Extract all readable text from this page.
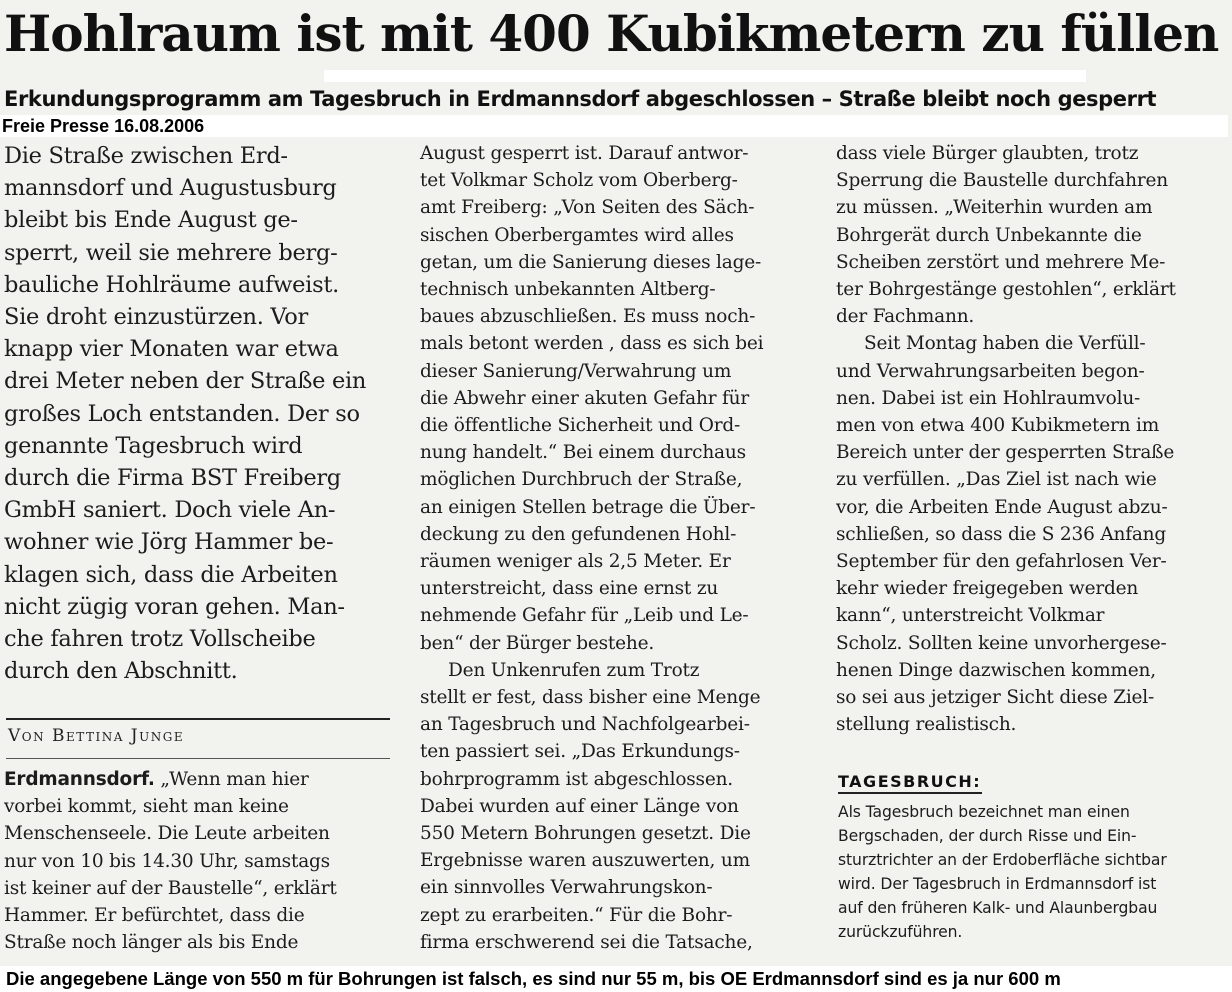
Hohlraum ist mit 400 Kubikmetern zu füllen
Erkundungsprogramm am Tagesbruch in Erdmannsdorf abgeschlossen – Straße bleibt noch gesperrt
Freie Presse 16.08.2006
Die Straße zwischen Erd-
mannsdorf und Augustusburg
bleibt bis Ende August ge-
sperrt, weil sie mehrere berg-
bauliche Hohlräume aufweist.
Sie droht einzustürzen. Vor
knapp vier Monaten war etwa
drei Meter neben der Straße ein
großes Loch entstanden. Der so
genannte Tagesbruch wird
durch die Firma BST Freiberg
GmbH saniert. Doch viele An-
wohner wie Jörg Hammer be-
klagen sich, dass die Arbeiten
nicht zügig voran gehen. Man-
che fahren trotz Vollscheibe
durch den Abschnitt.
Von Bettina Junge
Erdmannsdorf. „Wenn man hier
vorbei kommt, sieht man keine
Menschenseele. Die Leute arbeiten
nur von 10 bis 14.30 Uhr, samstags
ist keiner auf der Baustelle“, erklärt
Hammer. Er befürchtet, dass die
Straße noch länger als bis Ende
August gesperrt ist. Darauf antwor-
tet Volkmar Scholz vom Oberberg-
amt Freiberg: „Von Seiten des Säch-
sischen Oberbergamtes wird alles
getan, um die Sanierung dieses lage-
technisch unbekannten Altberg-
baues abzuschließen. Es muss noch-
mals betont werden , dass es sich bei
dieser Sanierung/Verwahrung um
die Abwehr einer akuten Gefahr für
die öffentliche Sicherheit und Ord-
nung handelt.“ Bei einem durchaus
möglichen Durchbruch der Straße,
an einigen Stellen betrage die Über-
deckung zu den gefundenen Hohl-
räumen weniger als 2,5 Meter. Er
unterstreicht, dass eine ernst zu
nehmende Gefahr für „Leib und Le-
ben“ der Bürger bestehe.
Den Unkenrufen zum Trotz
stellt er fest, dass bisher eine Menge
an Tagesbruch und Nachfolgearbei-
ten passiert sei. „Das Erkundungs-
bohrprogramm ist abgeschlossen.
Dabei wurden auf einer Länge von
550 Metern Bohrungen gesetzt. Die
Ergebnisse waren auszuwerten, um
ein sinnvolles Verwahrungskon-
zept zu erarbeiten.“ Für die Bohr-
firma erschwerend sei die Tatsache,
dass viele Bürger glaubten, trotz
Sperrung die Baustelle durchfahren
zu müssen. „Weiterhin wurden am
Bohrgerät durch Unbekannte die
Scheiben zerstört und mehrere Me-
ter Bohrgestänge gestohlen“, erklärt
der Fachmann.
Seit Montag haben die Verfüll-
und Verwahrungsarbeiten begon-
nen. Dabei ist ein Hohlraumvolu-
men von etwa 400 Kubikmetern im
Bereich unter der gesperrten Straße
zu verfüllen. „Das Ziel ist nach wie
vor, die Arbeiten Ende August abzu-
schließen, so dass die S 236 Anfang
September für den gefahrlosen Ver-
kehr wieder freigegeben werden
kann“, unterstreicht Volkmar
Scholz. Sollten keine unvorhergese-
henen Dinge dazwischen kommen,
so sei aus jetziger Sicht diese Ziel-
stellung realistisch.
TAGESBRUCH:
Als Tagesbruch bezeichnet man einen
Bergschaden, der durch Risse und Ein-
sturztrichter an der Erdoberfläche sichtbar
wird. Der Tagesbruch in Erdmannsdorf ist
auf den früheren Kalk- und Alaunbergbau
zurückzuführen.
Die angegebene Länge von 550 m für Bohrungen ist falsch, es sind nur 55 m, bis OE Erdmannsdorf sind es ja nur 600 m
